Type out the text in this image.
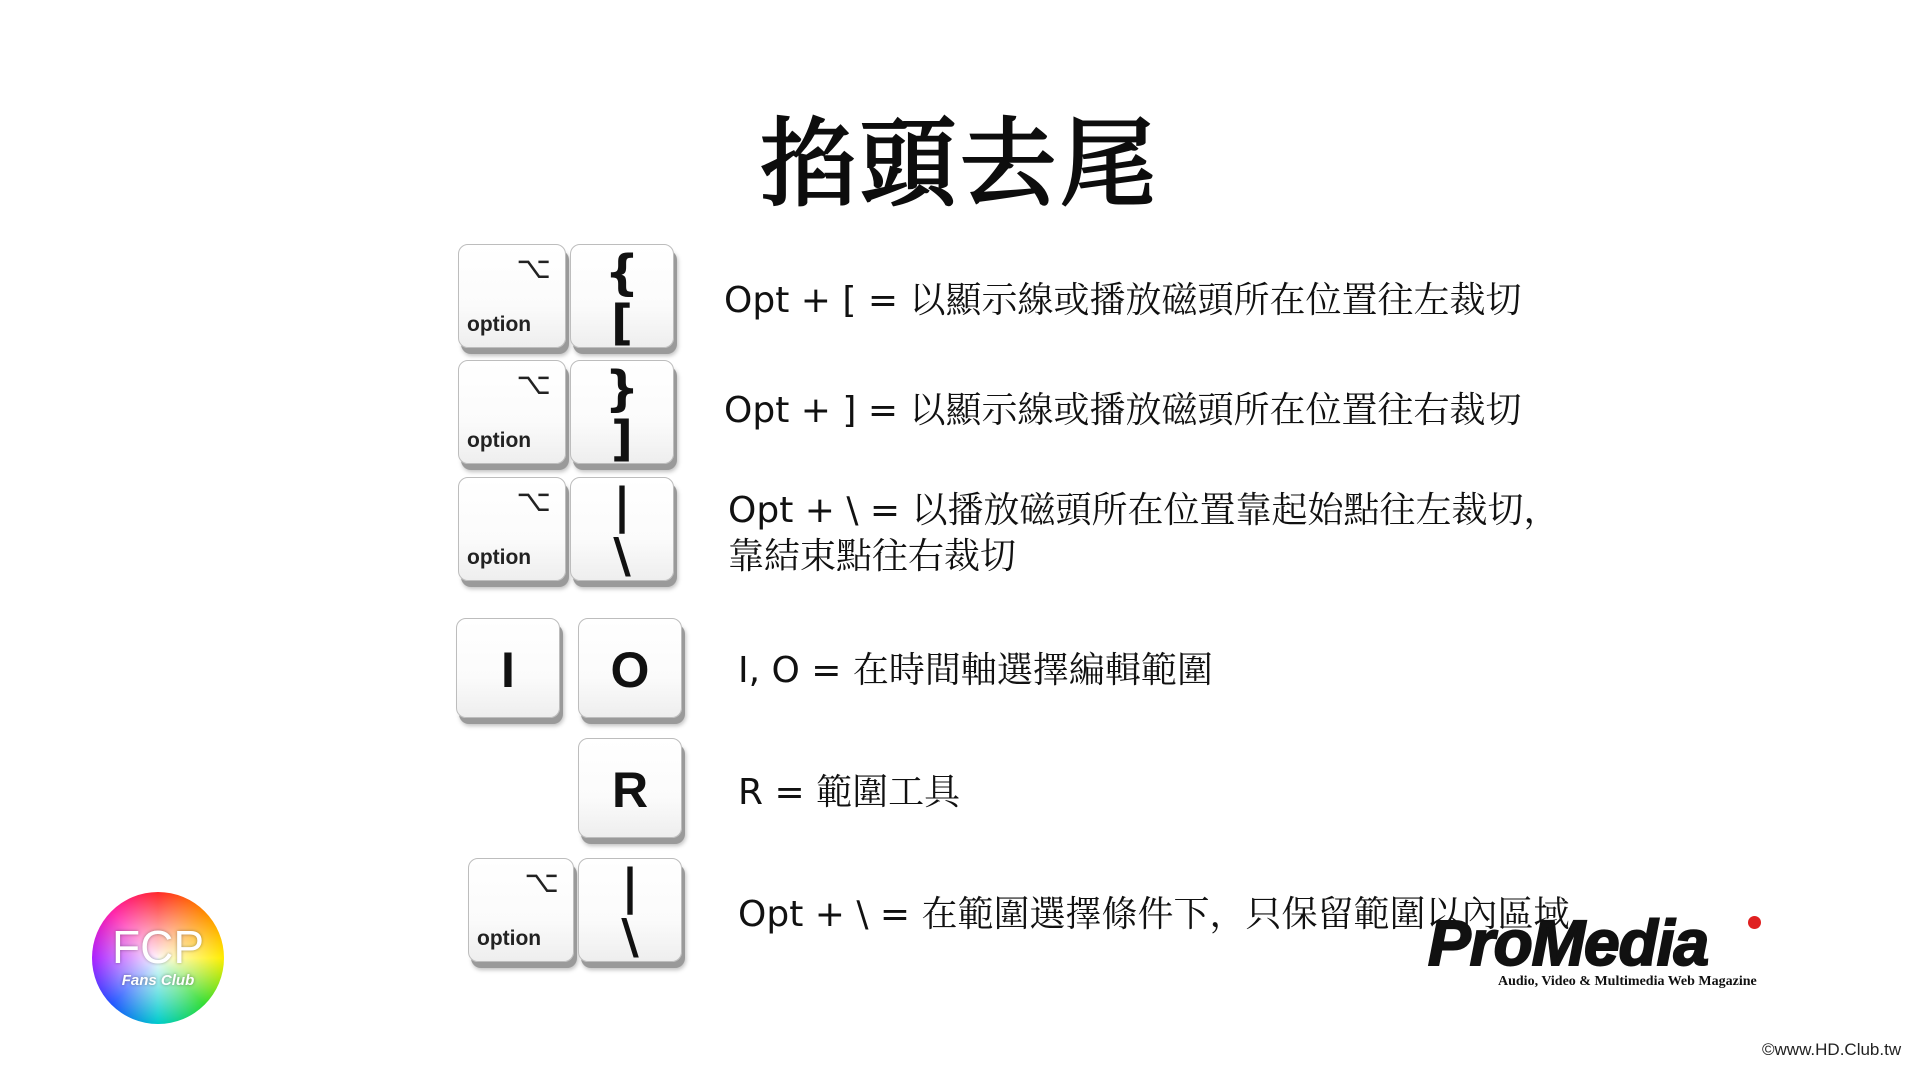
掐頭去尾
⌥
option
{
[	Opt + [ = 以顯示線或播放磁頭所在位置往左裁切
⌥
option
}
]
Opt + ] = 以顯示線或播放磁頭所在位置往右裁切
⌥
option
|
\
Opt + \ = 以播放磁頭所在位置靠起始點往左裁切，
靠結束點往右裁切
I	O	I, O = 在時間軸選擇編輯範圍
R	R = 範圍工具
⌥
option
|
\	Opt + \ = 在範圍選擇條件下，只保留範圍以內區域
FCP
Fans Club
ProMedia
Audio, Video & Multimedia Web Magazine
©www.HD.Club.tw
